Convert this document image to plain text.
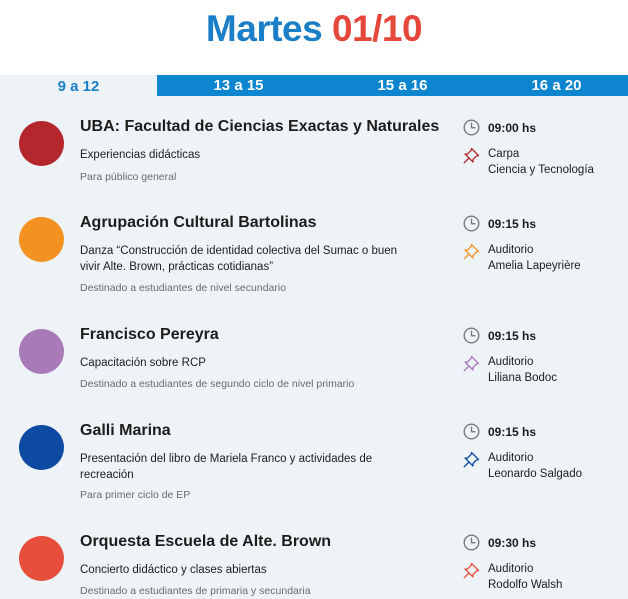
Martes 01/10
9 a 12	13 a 15	15 a 16	16 a 20
UBA: Facultad de Ciencias Exactas y Naturales
Experiencias didácticas
Para público general
09:00 hs
Carpa
Ciencia y Tecnología
Agrupación Cultural Bartolinas
Danza “Construcción de identidad colectiva del Sumac o buen vivir Alte. Brown, prácticas cotidianas”
Destinado a estudiantes de nivel secundario
09:15 hs
Auditorio
Amelia Lapeyrière
Francisco Pereyra
Capacitación sobre RCP
Destinado a estudiantes de segundo ciclo de nivel primario
09:15 hs
Auditorio
Liliana Bodoc
Galli Marina
Presentación del libro de Mariela Franco y actividades de recreación
Para primer ciclo de EP
09:15 hs
Auditorio
Leonardo Salgado
Orquesta Escuela de Alte. Brown
Concierto didáctico y clases abiertas
Destinado a estudiantes de primaria y secundaria
09:30 hs
Auditorio
Rodolfo Walsh
